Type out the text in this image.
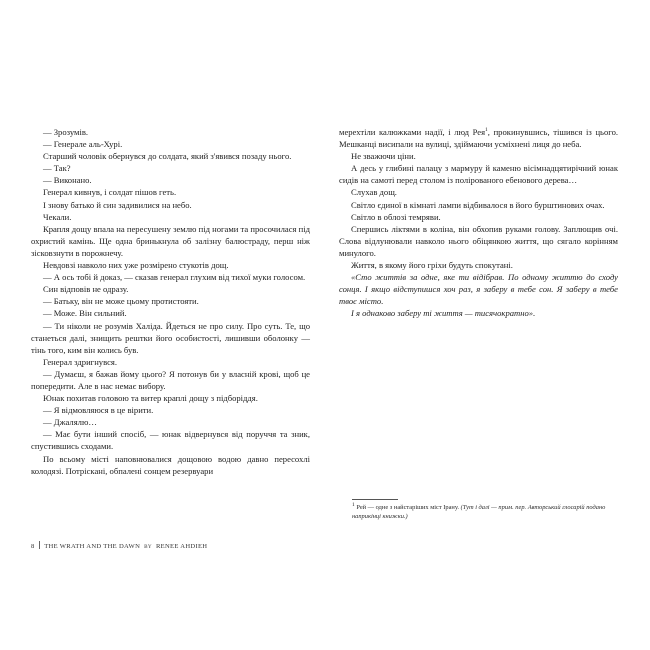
— Зрозумів.

— Генерале аль-Хурі.

Старший чоловік обернувся до солдата, який з'явився позаду нього.

— Так?

— Виконано.

Генерал кивнув, і солдат пішов геть.

І знову батько й син задивилися на небо.

Чекали.

Крапля дощу впала на пересушену землю під ногами та просочилася під охристий камінь. Ще одна бринькнула об залізну балюстраду, перш ніж зісковзнути в порожнечу.

Невдовзі навколо них уже розмірено стукотів дощ.

— А ось тобі й доказ, — сказав генерал глухим від тихої муки голосом.

Син відповів не одразу.

— Батьку, він не може цьому протистояти.

— Може. Він сильний.

— Ти ніколи не розумів Халіда. Йдеться не про силу. Про суть. Те, що станеться далі, знищить рештки його особистості, лишивши оболонку — тінь того, ким він колись був.

Генерал здригнувся.

— Думаєш, я бажав йому цього? Я потонув би у власній крові, щоб це попередити. Але в нас немає вибору.

Юнак похитав головою та витер краплі дощу з підборіддя.

— Я відмовляюся в це вірити.

— Джалялю…

— Має бути інший спосіб, — юнак відвернувся від поруччя та зник, спустившись сходами.

По всьому місті наповнювалися дощовою водою давно пересохлі колодязі. Потріскані, обпалені сонцем резервуари

мерехтіли калюжками надії, і люд Рея$^1$, прокинувшись, тішився із цього. Мешканці висипали на вулиці, здіймаючи усміхнені лиця до неба.

Не зважючи ціни.

А десь у глибині палацу з мармуру й каменю вісімнадцятирічний юнак сидів на самоті перед столом із полірованого ебенового дерева…

Слухав дощ.

Світло єдиної в кімнаті лампи відбивалося в його бурштинових очах.

Світло в облозі темряви.

Спершись ліктями в коліна, він обхопив руками голову. Заплющив очі. Слова відлунювали навколо нього обіцянкою життя, що сягало корінням минулого.

Життя, в якому його гріхи будуть спокутані.

«Сто життів за одне, яке ти відібрав. По одному життю до сходу сонця. І якщо відступишся хоч раз, я заберу в тебе сон. Я заберу в тебе твоє місто.

І я однаково заберу ті життя — тисячократно».

$^1$ Рей — одне з найстаріших міст Ірану. (Тут і далі — прим. пер. Авторський глосарій подано наприкінці книжки.)
8 THE WRATH AND THE DAWN BY RENEE AHDIEH
